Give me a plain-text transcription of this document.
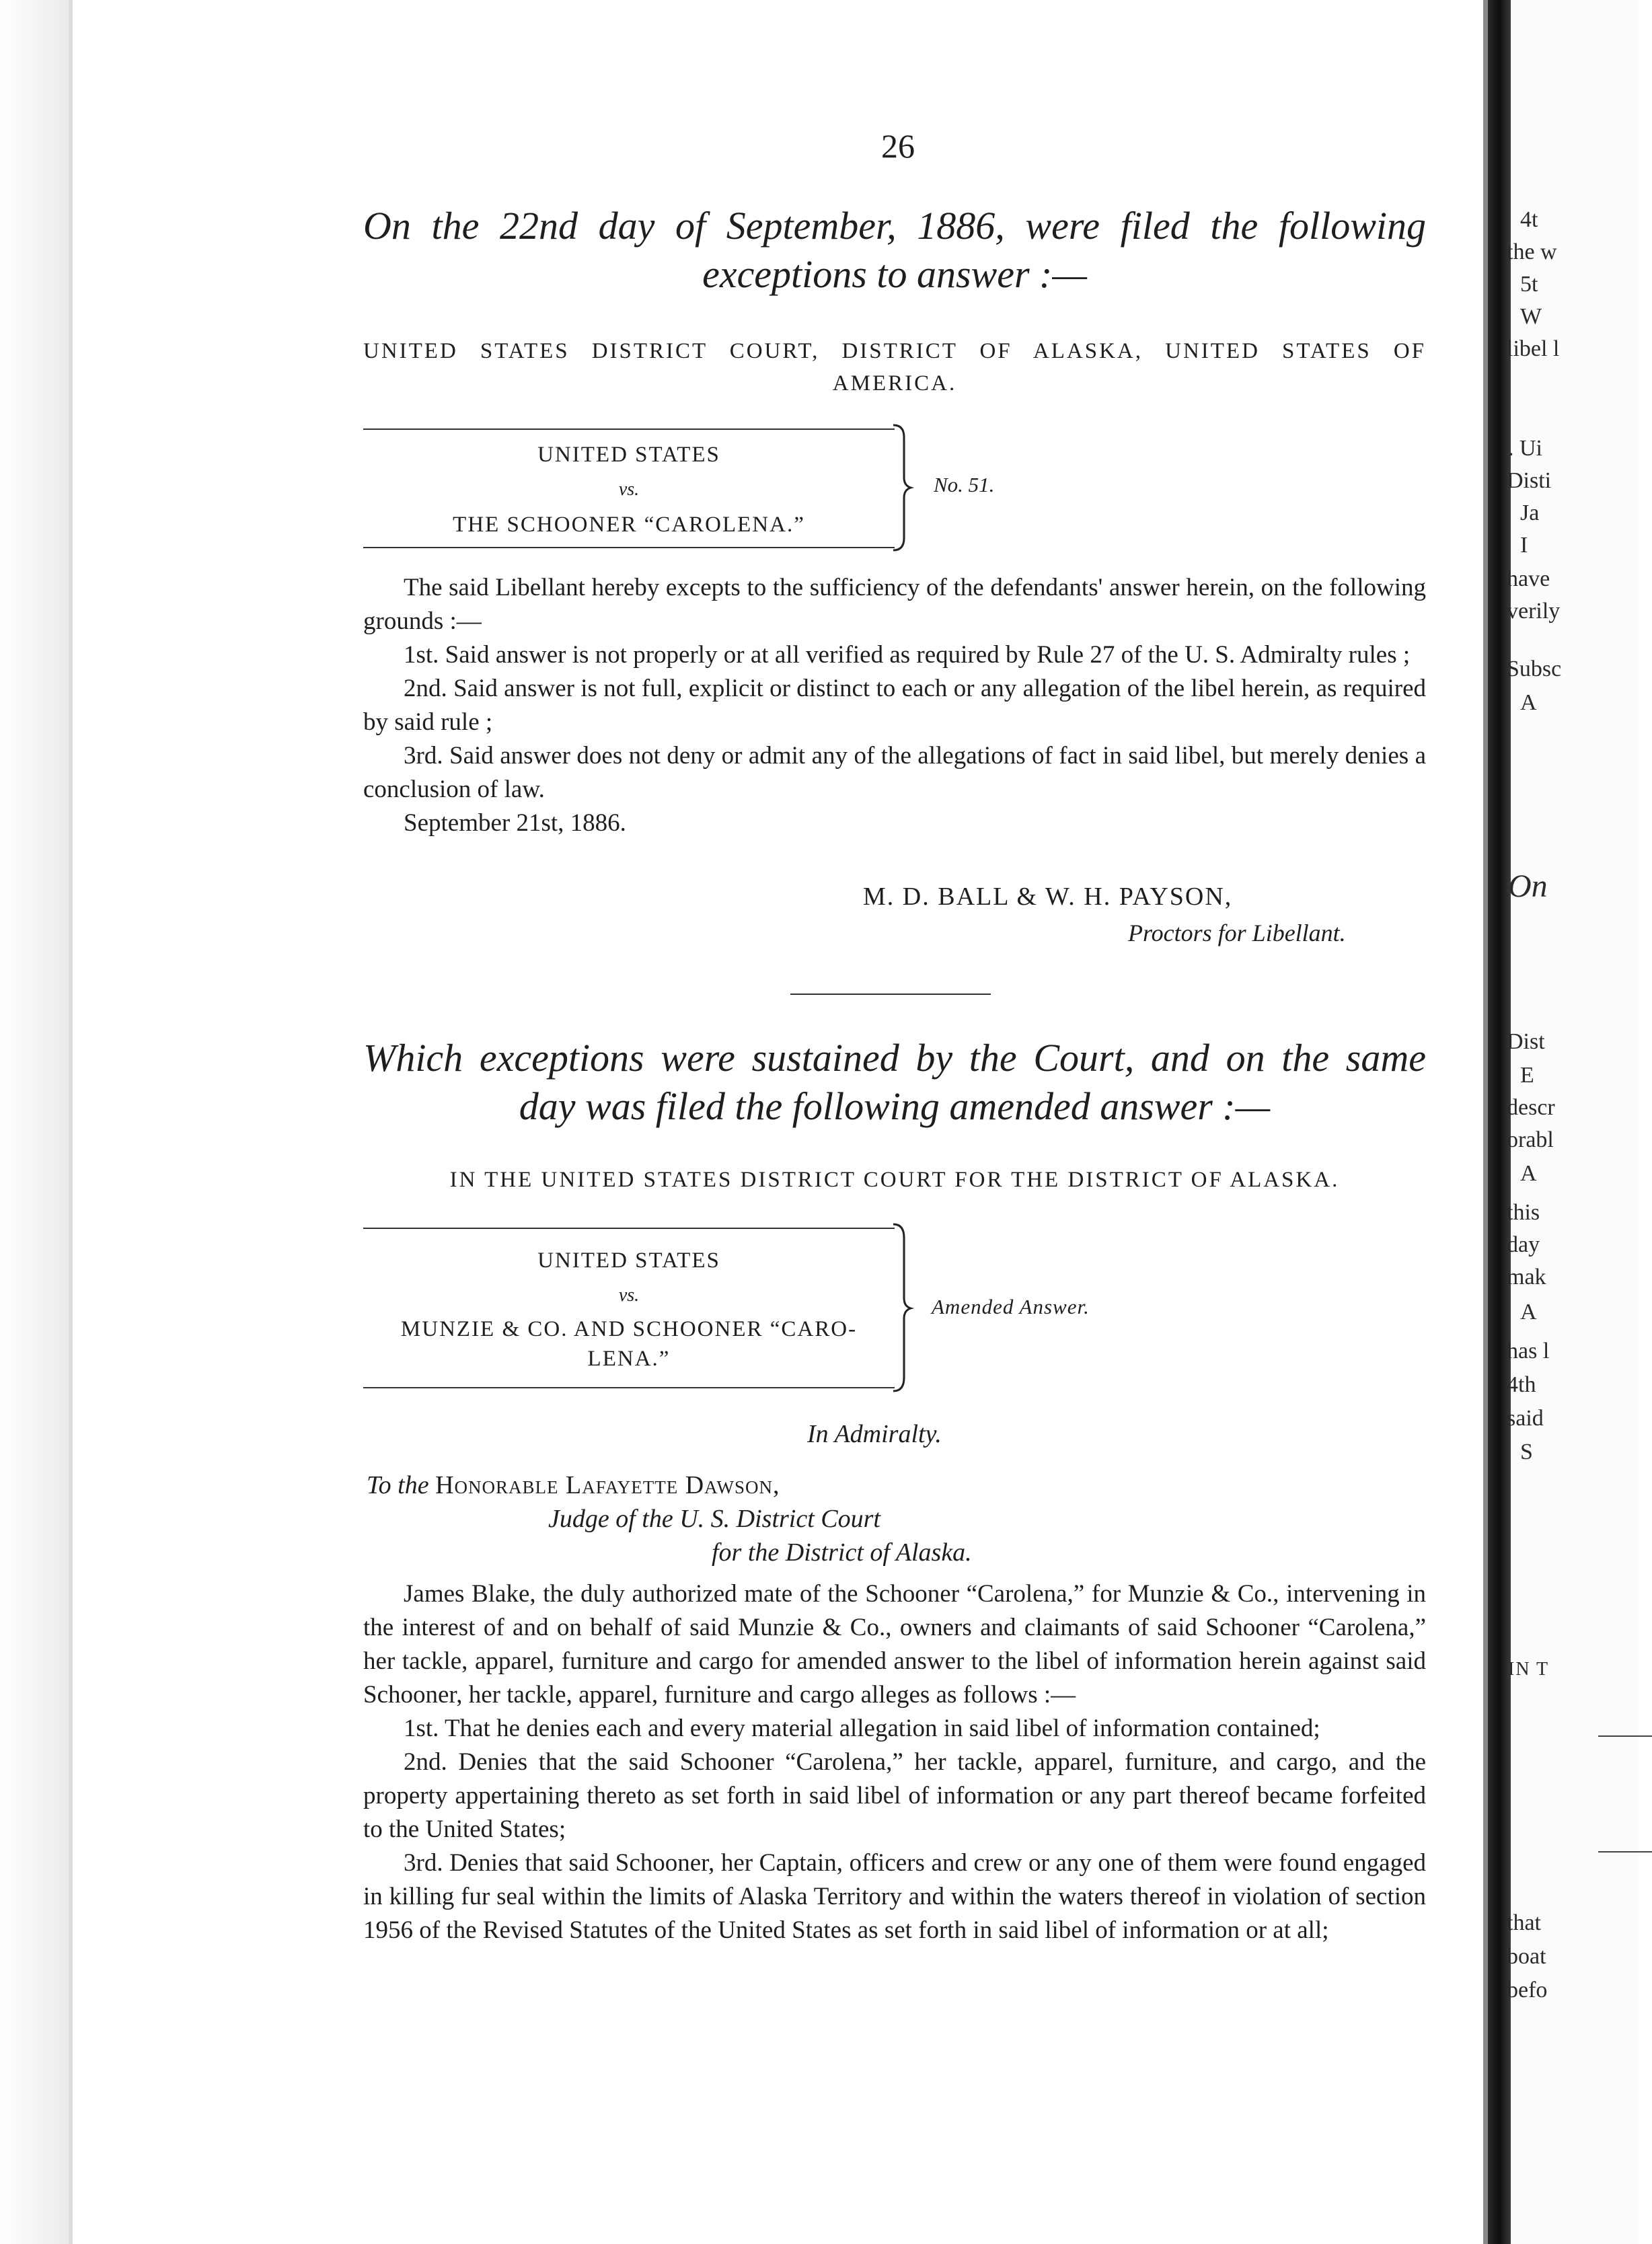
26
On the 22nd day of September, 1886, were filed the following
exceptions to answer :—
UNITED STATES DISTRICT COURT, DISTRICT OF ALASKA, UNITED STATES OF
AMERICA.
UNITED STATES
vs.
THE SCHOONER “CAROLENA.”
No. 51.

The said Libellant hereby excepts to the sufficiency of the defendants' answer herein, on the following grounds :—

1st. Said answer is not properly or at all verified as required by Rule 27 of the U. S. Admiralty rules ;

2nd. Said answer is not full, explicit or distinct to each or any allegation of the libel herein, as required by said rule ;

3rd. Said answer does not deny or admit any of the allegations of fact in said libel, but merely denies a conclusion of law.

September 21st, 1886.

M. D. BALL & W. H. PAYSON,
Proctors for Libellant.
Which exceptions were sustained by the Court, and on the same
day was filed the following amended answer :—
IN THE UNITED STATES DISTRICT COURT FOR THE DISTRICT OF ALASKA.
UNITED STATES
vs.
MUNZIE & CO. AND SCHOONER “CARO-
LENA.”
Amended Answer.
In Admiralty.
To the Honorable Lafayette Dawson,
Judge of the U. S. District Court
for the District of Alaska.

James Blake, the duly authorized mate of the Schooner “Carolena,” for Munzie & Co., intervening in the interest of and on behalf of said Munzie & Co., owners and claimants of said Schooner “Carolena,” her tackle, apparel, furniture and cargo for amended answer to the libel of information herein against said Schooner, her tackle, apparel, furniture and cargo alleges as follows :—

1st. That he denies each and every material allegation in said libel of information contained;

2nd. Denies that the said Schooner “Carolena,” her tackle, apparel, furniture, and cargo, and the property appertaining thereto as set forth in said libel of information or any part thereof became forfeited to the United States;

3rd. Denies that said Schooner, her Captain, officers and crew or any one of them were found engaged in killing fur seal within the limits of Alaska Territory and within the waters thereof in violation of section 1956 of the Revised Statutes of the United States as set forth in said libel of information or at all;

4t
the w
5t
W
libel l
. Ui
Disti
Ja
I
have
verily
Subsc
A
On
Dist
E
descr
orabl
A
this
day
mak
A
has l
4th
said
S
IN T
that
boat
befo
